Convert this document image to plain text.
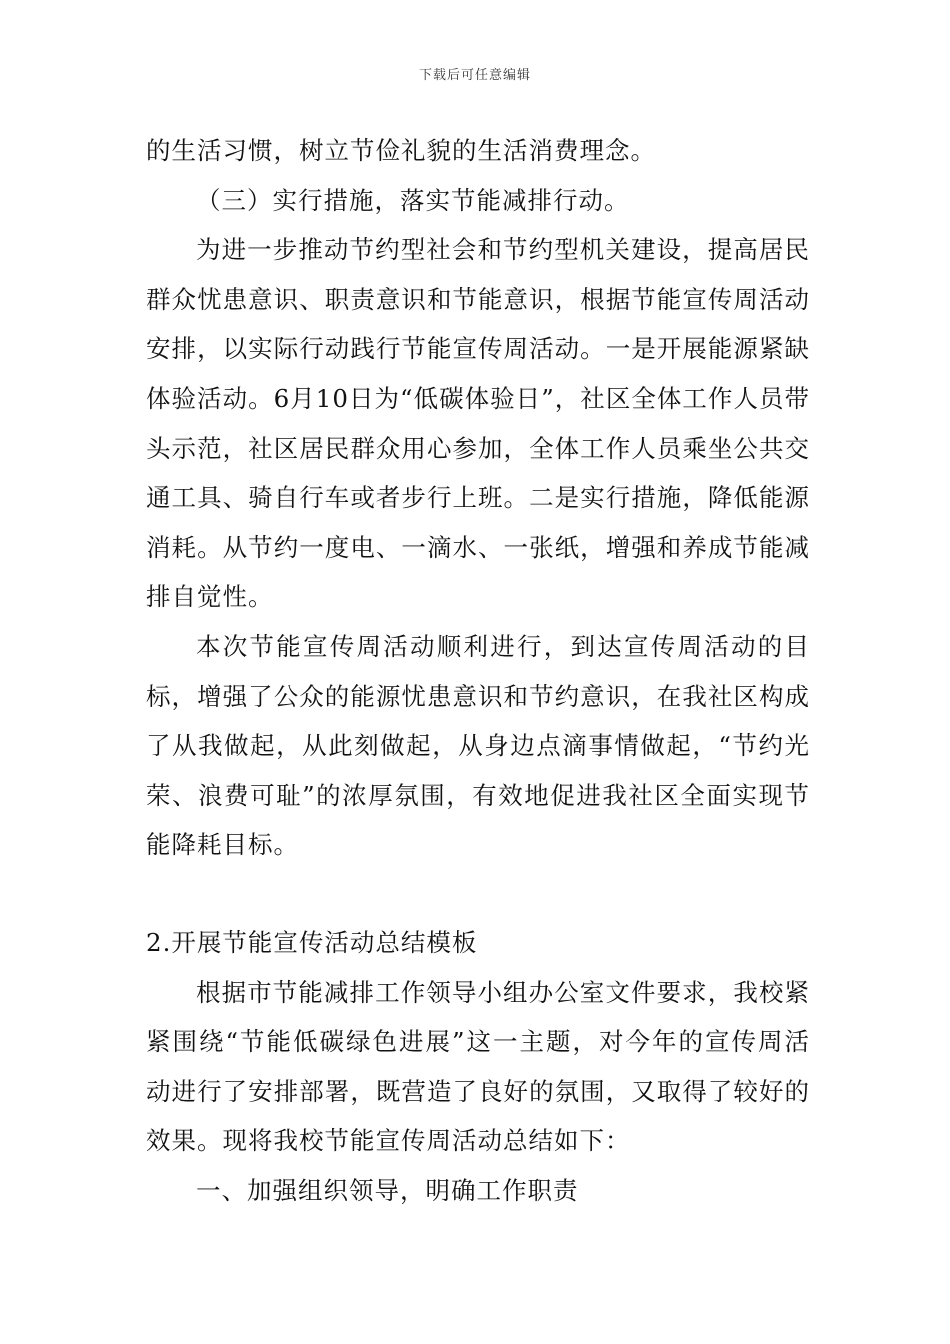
下载后可任意编辑

的生活习惯，树立节俭礼貌的生活消费理念。

（三）实行措施，落实节能减排行动。

为进一步推动节约型社会和节约型机关建设，提高居民群众忧患意识、职责意识和节能意识，根据节能宣传周活动安排，以实际行动践行节能宣传周活动。一是开展能源紧缺体验活动。6月10日为“低碳体验日”，社区全体工作人员带头示范，社区居民群众用心参加，全体工作人员乘坐公共交通工具、骑自行车或者步行上班。二是实行措施，降低能源消耗。从节约一度电、一滴水、一张纸，增强和养成节能减排自觉性。

本次节能宣传周活动顺利进行，到达宣传周活动的目标，增强了公众的能源忧患意识和节约意识，在我社区构成了从我做起，从此刻做起，从身边点滴事情做起，“节约光荣、浪费可耻”的浓厚氛围，有效地促进我社区全面实现节能降耗目标。

2.开展节能宣传活动总结模板

根据市节能减排工作领导小组办公室文件要求，我校紧紧围绕“节能低碳绿色进展”这一主题，对今年的宣传周活动进行了安排部署，既营造了良好的氛围，又取得了较好的效果。现将我校节能宣传周活动总结如下：

一、加强组织领导，明确工作职责
